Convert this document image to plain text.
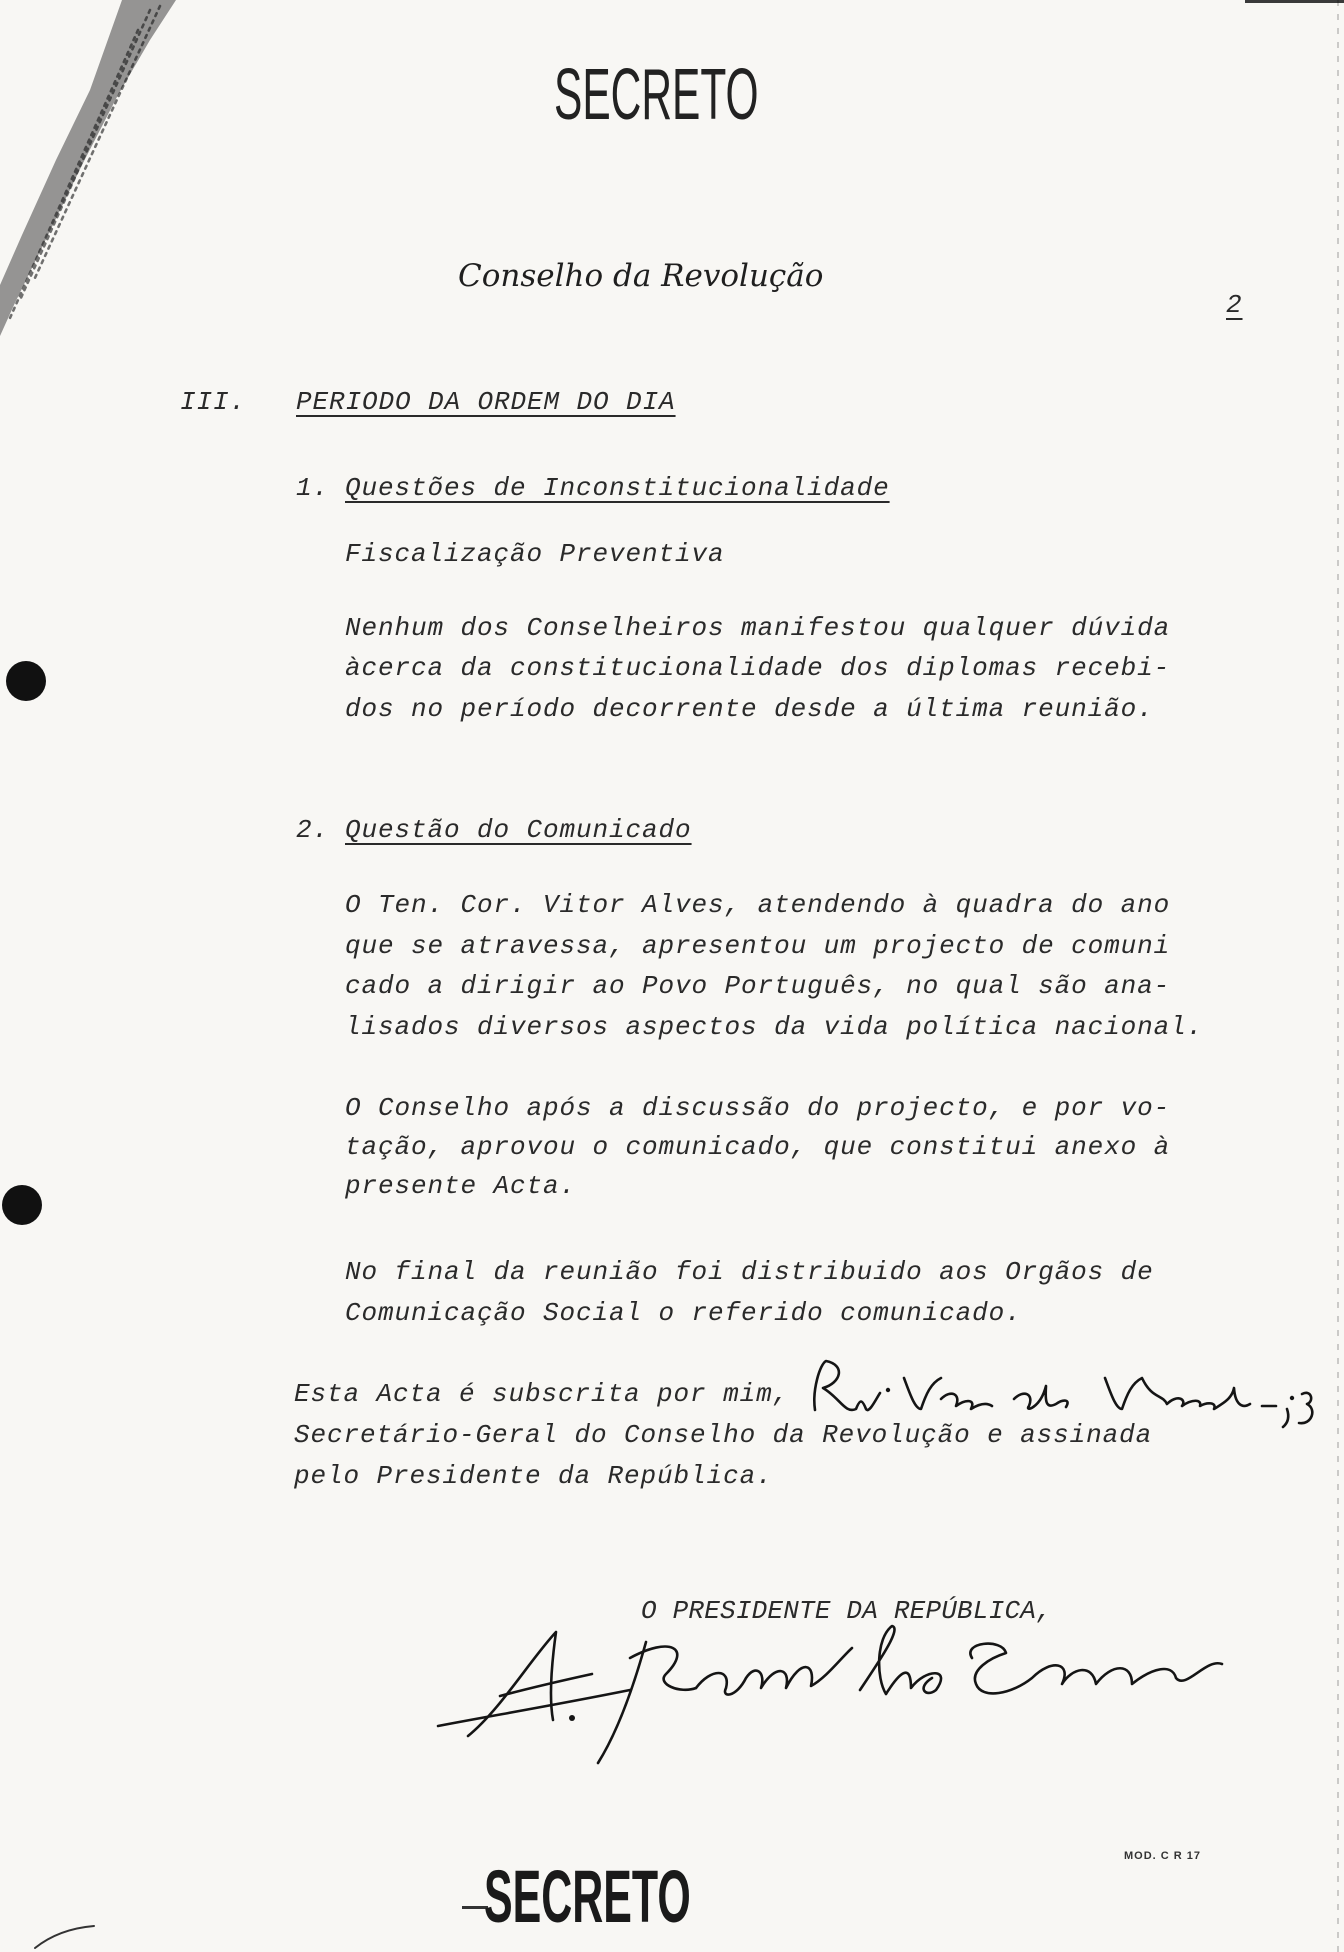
SECRETO
Conselho da Revolução
2
III. PERIODO DA ORDEM DO DIA
1. Questões de Inconstitucionalidade
Fiscalização Preventiva
Nenhum dos Conselheiros manifestou qualquer dúvida
àcerca da constitucionalidade dos diplomas recebi-
dos no período decorrente desde a última reunião.
2. Questão do Comunicado
O Ten. Cor. Vitor Alves, atendendo à quadra do ano
que se atravessa, apresentou um projecto de comuni
cado a dirigir ao Povo Português, no qual são ana-
lisados diversos aspectos da vida política nacional.
O Conselho após a discussão do projecto, e por vo-
tação, aprovou o comunicado, que constitui anexo à
presente Acta.
No final da reunião foi distribuido aos Orgãos de
Comunicação Social o referido comunicado.
Esta Acta é subscrita por mim,
Secretário-Geral do Conselho da Revolução e assinada
pelo Presidente da República.
O PRESIDENTE DA REPÚBLICA,
MOD. C R 17
SECRETO
